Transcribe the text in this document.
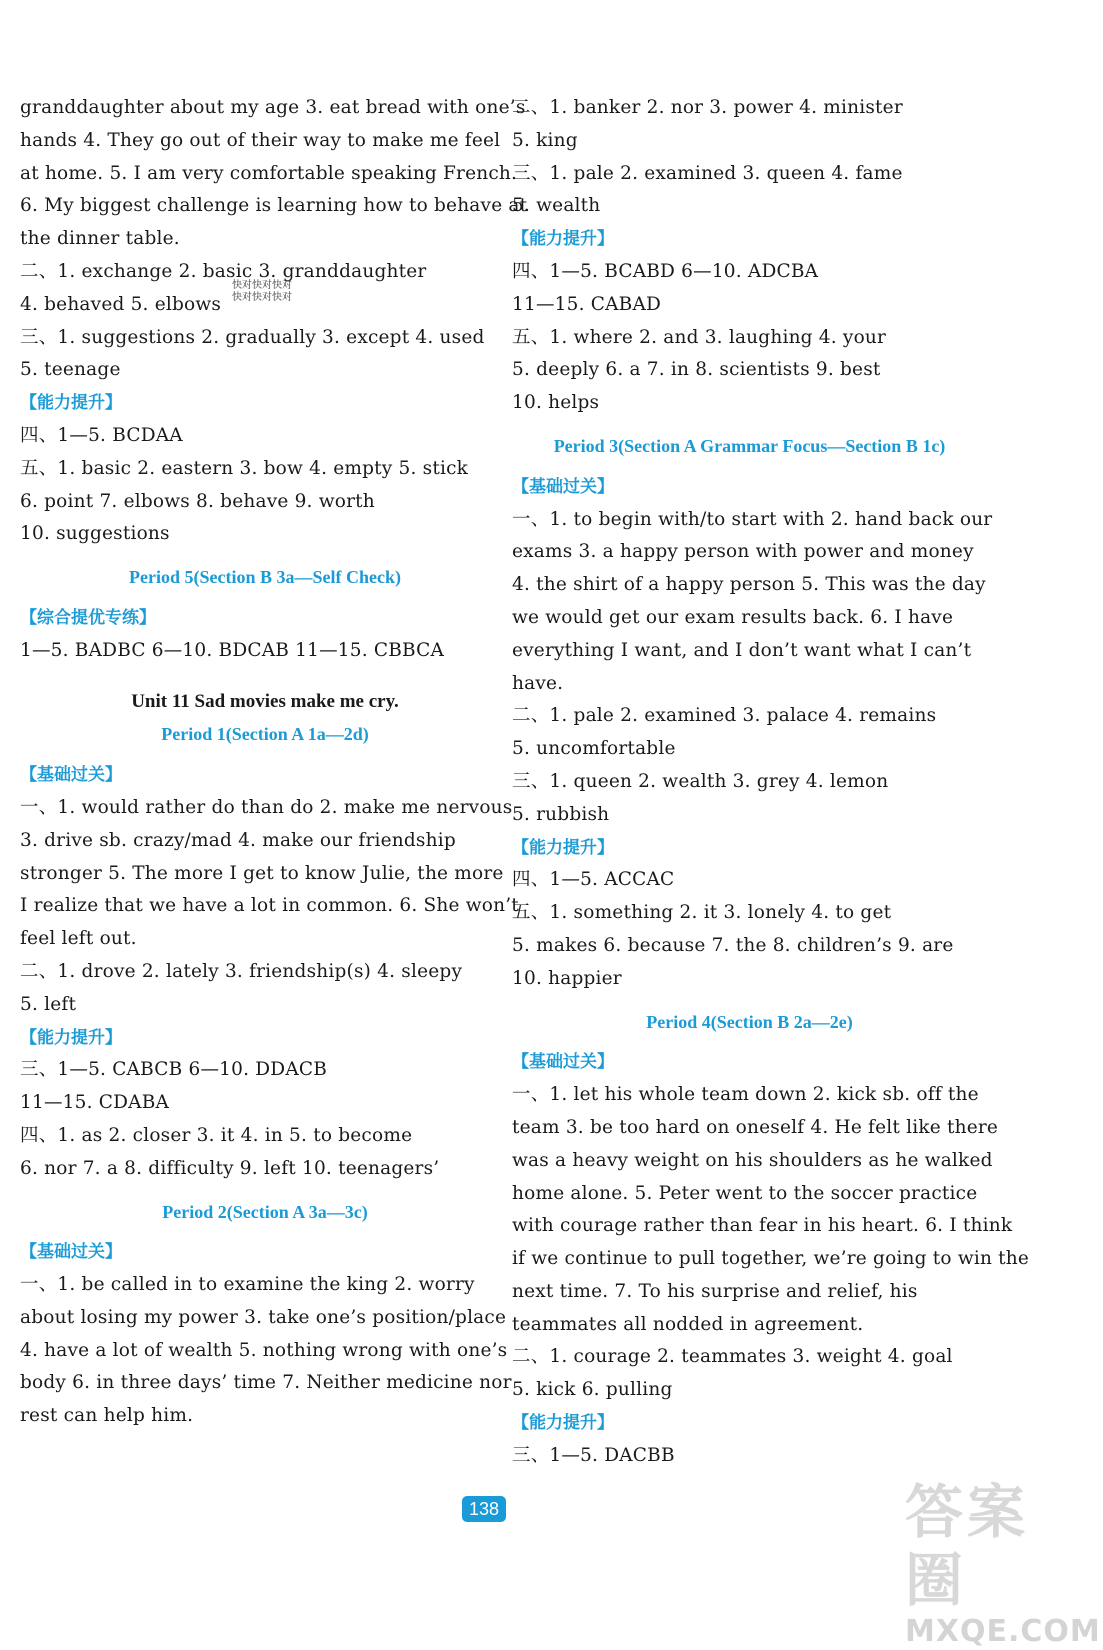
granddaughter about my age 3. eat bread with one’s
hands 4. They go out of their way to make me feel
at home. 5. I am very comfortable speaking French.
6. My biggest challenge is learning how to behave at
the dinner table.
二、1. exchange 2. basic 3. granddaughter
4. behaved 5. elbows
三、1. suggestions 2. gradually 3. except 4. used
5. teenage
【能力提升】
四、1—5. BCDAA
五、1. basic 2. eastern 3. bow 4. empty 5. stick
6. point 7. elbows 8. behave 9. worth
10. suggestions
Period 5(Section B 3a—Self Check)
【综合提优专练】
1—5. BADBC 6—10. BDCAB 11—15. CBBCA
Unit 11 Sad movies make me cry.
Period 1(Section A 1a—2d)
【基础过关】
一、1. would rather do than do 2. make me nervous
3. drive sb. crazy/mad 4. make our friendship
stronger 5. The more I get to know Julie, the more
I realize that we have a lot in common. 6. She won’t
feel left out.
二、1. drove 2. lately 3. friendship(s) 4. sleepy
5. left
【能力提升】
三、1—5. CABCB 6—10. DDACB
11—15. CDABA
四、1. as 2. closer 3. it 4. in 5. to become
6. nor 7. a 8. difficulty 9. left 10. teenagers’
Period 2(Section A 3a—3c)
【基础过关】
一、1. be called in to examine the king 2. worry
about losing my power 3. take one’s position/place
4. have a lot of wealth 5. nothing wrong with one’s
body 6. in three days’ time 7. Neither medicine nor
rest can help him.
二、1. banker 2. nor 3. power 4. minister
5. king
三、1. pale 2. examined 3. queen 4. fame
5. wealth
【能力提升】
四、1—5. BCABD 6—10. ADCBA
11—15. CABAD
五、1. where 2. and 3. laughing 4. your
5. deeply 6. a 7. in 8. scientists 9. best
10. helps
Period 3(Section A Grammar Focus—Section B 1c)
【基础过关】
一、1. to begin with/to start with 2. hand back our
exams 3. a happy person with power and money
4. the shirt of a happy person 5. This was the day
we would get our exam results back. 6. I have
everything I want, and I don’t want what I can’t
have.
二、1. pale 2. examined 3. palace 4. remains
5. uncomfortable
三、1. queen 2. wealth 3. grey 4. lemon
5. rubbish
【能力提升】
四、1—5. ACCAC
五、1. something 2. it 3. lonely 4. to get
5. makes 6. because 7. the 8. children’s 9. are
10. happier
Period 4(Section B 2a—2e)
【基础过关】
一、1. let his whole team down 2. kick sb. off the
team 3. be too hard on oneself 4. He felt like there
was a heavy weight on his shoulders as he walked
home alone. 5. Peter went to the soccer practice
with courage rather than fear in his heart. 6. I think
if we continue to pull together, we’re going to win the
next time. 7. To his surprise and relief, his
teammates all nodded in agreement.
二、1. courage 2. teammates 3. weight 4. goal
5. kick 6. pulling
【能力提升】
三、1—5. DACBB
快对快对快对
快对快对快对
138	答案圈
MXQE.COM
